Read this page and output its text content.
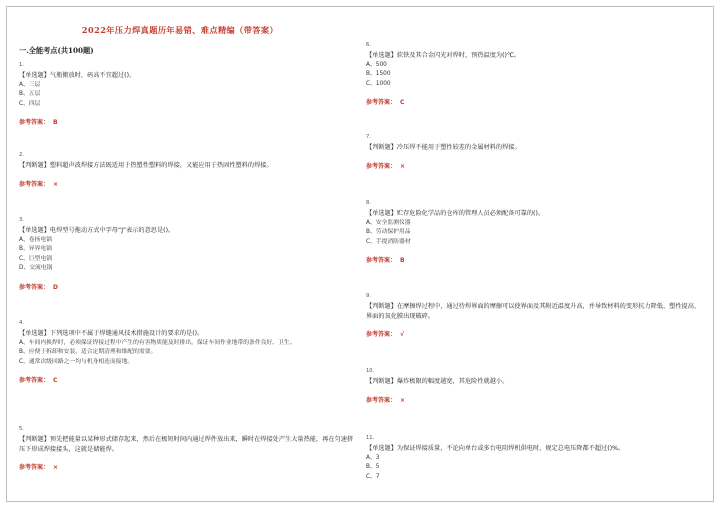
2022年压力焊真题历年易错、难点精编（带答案）
一.全能考点(共100题)
1.
【单选题】气瓶搬放时，码高不宜超过()。
A、三层
B、五层
C、四层
参考答案： B
2.
【判断题】塑料超声波焊接方法既适用于热塑性塑料的焊接，又能应用于热固性塑料的焊接。
参考答案： ×
3.
【单选题】电焊型号拖动方式中字母“J”表示的意思是()。
A、卷扬电锅
B、异界电锅
C、巨型电锅
D、交流电锅
参考答案： D
4.
【单选题】下列选项中不属于焊缝通风技术措施设计的要求的是()。
A、车间内换焊时，必须保证焊接过程中产生的有害物质能及时排出，保证车间作业地带的条件良好、卫生。
B、应便于拆卸和安装，适合定期清理和维配的需要。
C、通常次级回路之一均与机身相连而接地。
参考答案： C
5.
【判断题】预先把能量以某种形式储存起来，然后在极短时间内通过焊件放出来，瞬时在焊接处产生大量热能，再在匀速挤压下形成焊接接头，这就是储能焊。
参考答案： ×
6.
【单选题】软铁及其合金闪光对焊时，预热温度为()℃。
A、500
B、1500
C、1000
参考答案： C
7.
【判断题】冷压焊不能用于塑性较差的金属材料的焊接。
参考答案： ×
8.
【单选题】贮存危险化学品的仓库的管理人员必须配备可靠的()。
A、安全监测仪器
B、劳动保护用品
C、手提消防器材
参考答案： B
9.
【判断题】在摩擦焊过程中，通过待焊界面的摩擦可以使界面及其附近温度升高，并导致材料的变形抗力降低、塑性提高、界面的氧化膜出现破碎。
参考答案： √
10.
【判断题】爆炸极限的幅度越宽，其危险性就越小。
参考答案： ×
11.
【单选题】为保证焊接质量，不论向单台或多台电阻焊机供电时，规定总电压降都不超过()%。
A、3
B、5
C、7
